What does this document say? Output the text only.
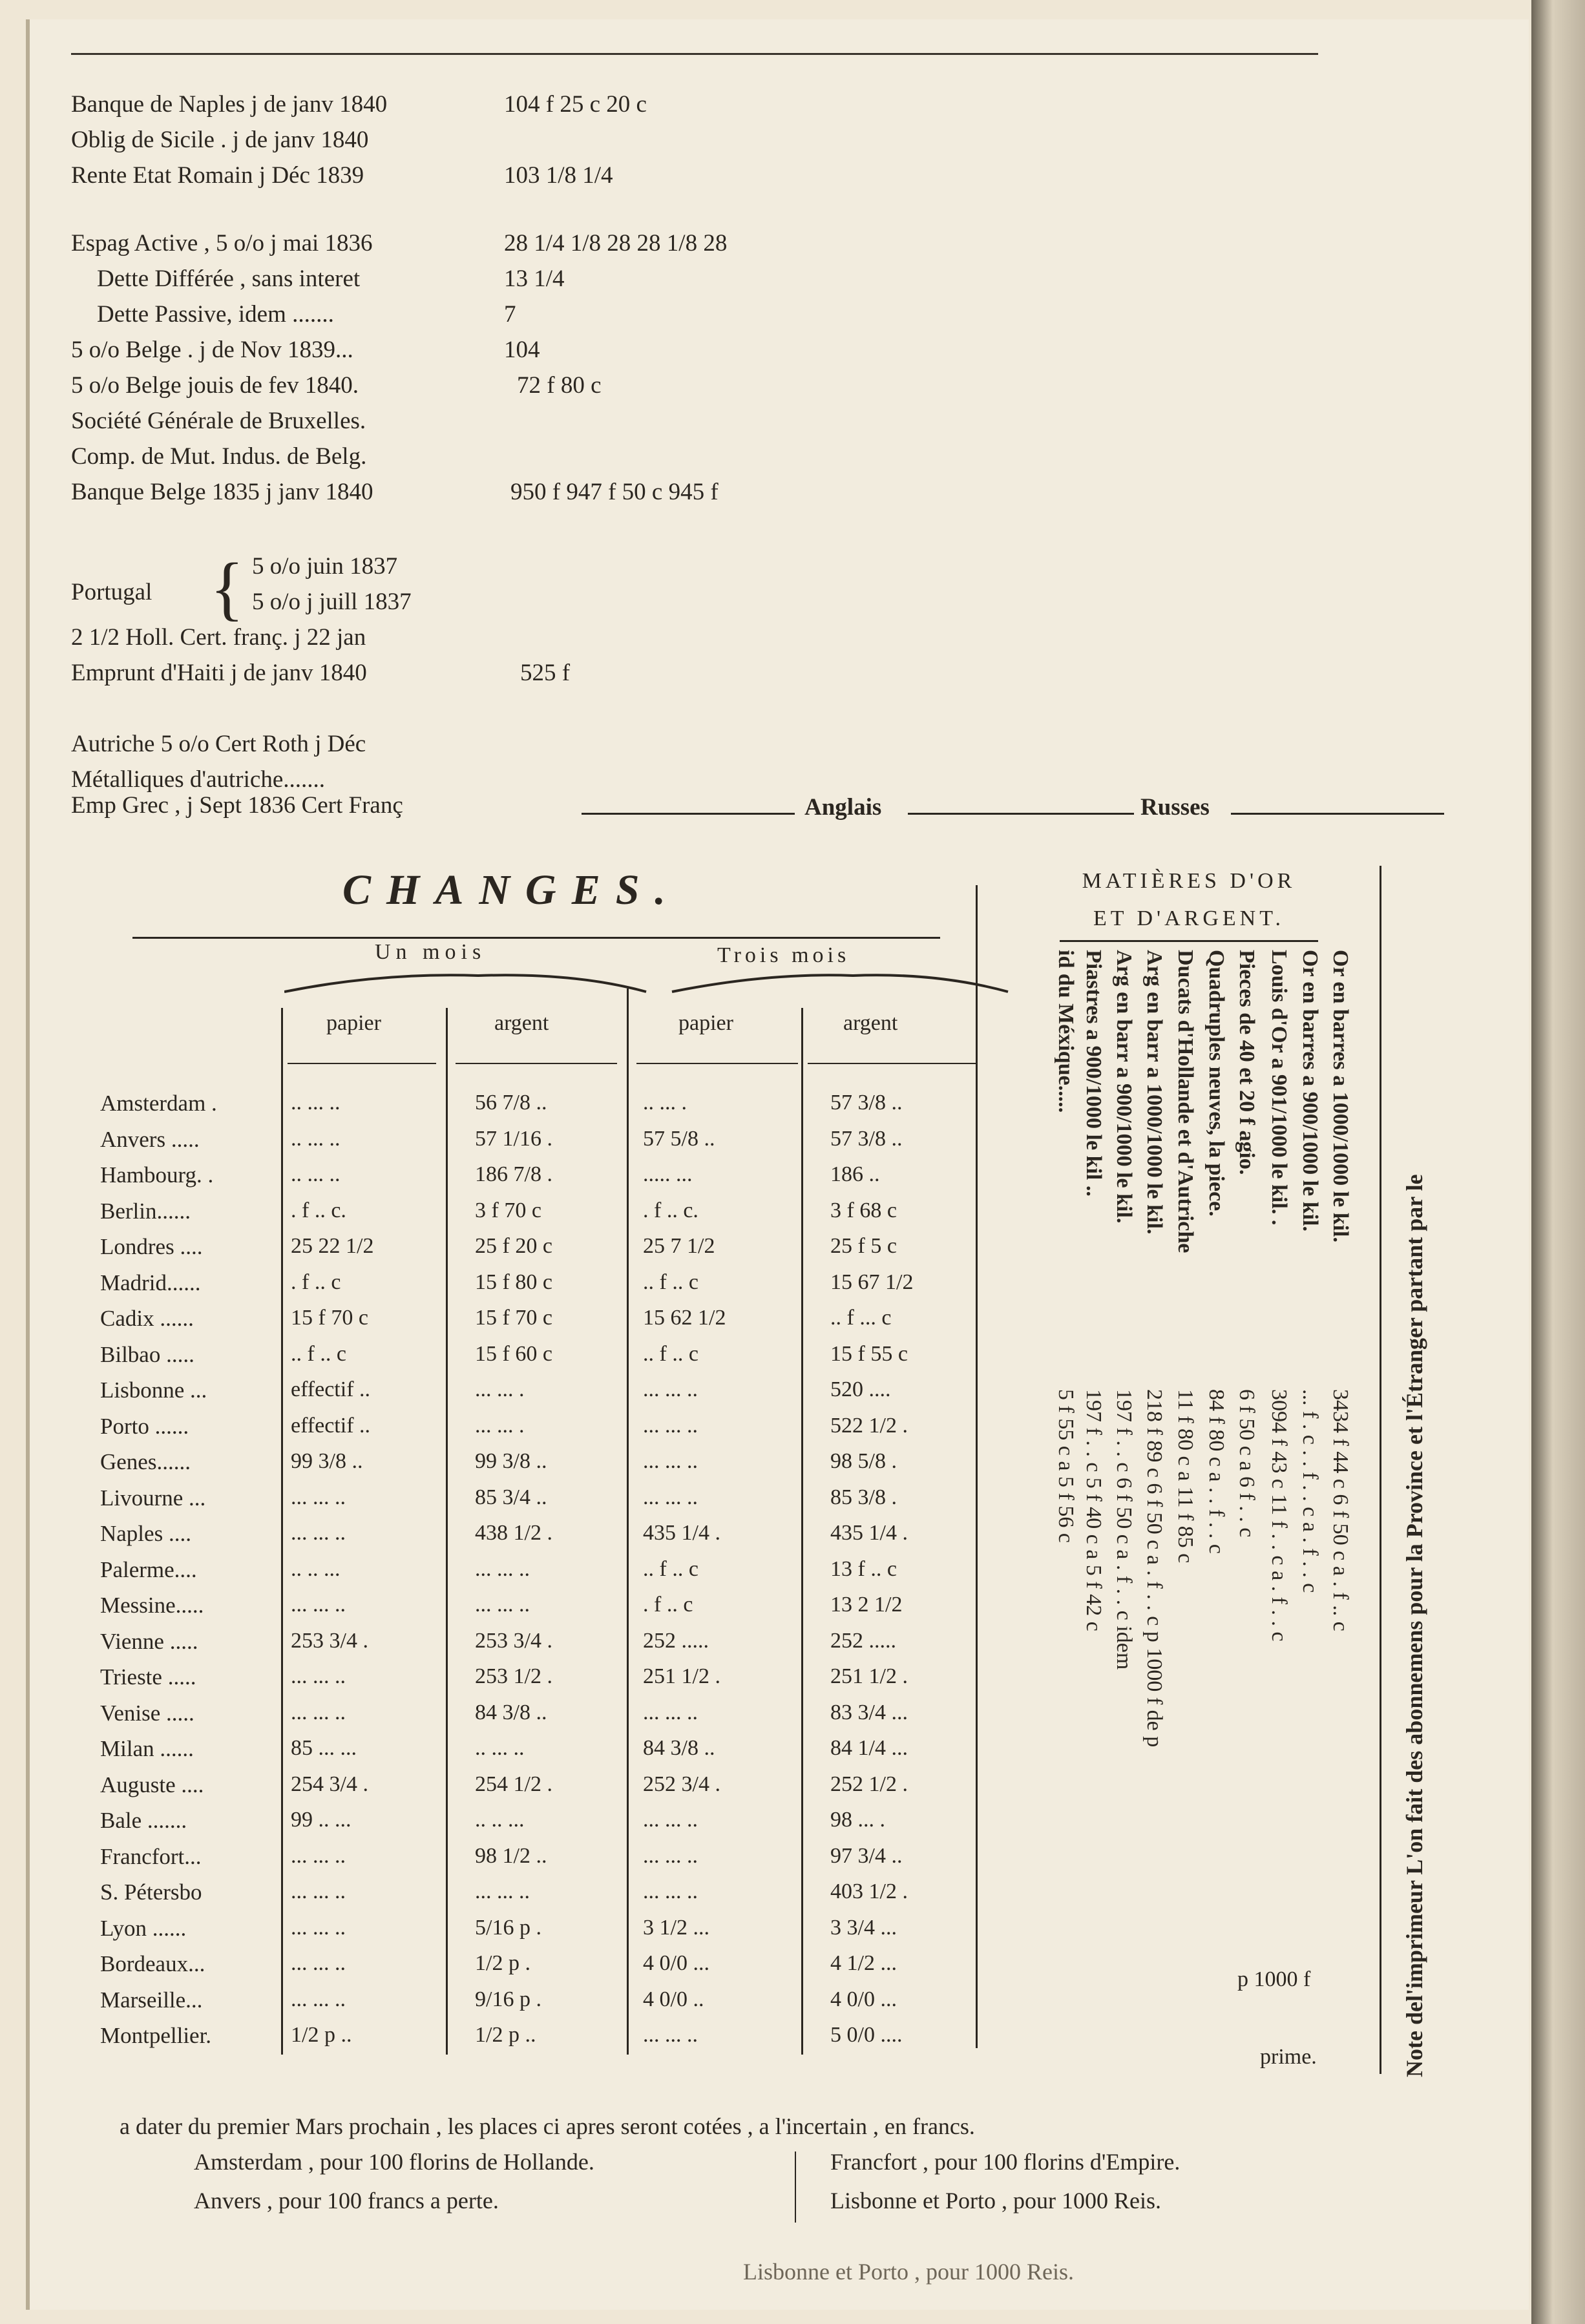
Banque de Naples j de janv 1840	104 f 25 c 20 c
Oblig de Sicile . j de janv 1840
Rente Etat Romain j Déc 1839	103 1/8 1/4
Espag Active , 5 o/o j mai 1836	28 1/4 1/8 28 28 1/8 28
Dette Différée , sans interet	13 1/4
Dette Passive, idem .......	7
5 o/o Belge . j de Nov 1839...	104
5 o/o Belge jouis de fev 1840.	72 f 80 c
Société Générale de Bruxelles.
Comp. de Mut. Indus. de Belg.
Banque Belge 1835 j janv 1840	950 f 947 f 50 c 945 f
5 o/o juin 1837
Portugal	5 o/o j juill 1837
2 1/2 Holl. Cert. franç. j 22 jan
Emprunt d'Haiti j de janv 1840	525 f
Autriche 5 o/o Cert Roth j Déc
Métalliques d'autriche.......
{
Emp Grec , j Sept 1836 Cert Franç	Anglais	Russes
CHANGES.
Un mois	Trois mois
papier	argent	papier	argent
Amsterdam .	.. ... ..	56 7/8 ..	.. ... .	57 3/8 ..
Anvers .....	.. ... ..	57 1/16 .	57 5/8 ..	57 3/8 ..
Hambourg. .	.. ... ..	186 7/8 .	..... ...	186 ..
Berlin......	. f .. c.	3 f 70 c	. f .. c.	3 f 68 c
Londres ....	25 22 1/2	25 f 20 c	25 7 1/2	25 f 5 c
Madrid......	. f .. c	15 f 80 c	.. f .. c	15 67 1/2
Cadix ......	15 f 70 c	15 f 70 c	15 62 1/2	.. f ... c
Bilbao .....	.. f .. c	15 f 60 c	.. f .. c	15 f 55 c
Lisbonne ...	effectif ..	... ... .	... ... ..	520 ....
Porto ......	effectif ..	... ... .	... ... ..	522 1/2 .
Genes......	99 3/8 ..	99 3/8 ..	... ... ..	98 5/8 .
Livourne ...	... ... ..	85 3/4 ..	... ... ..	85 3/8 .
Naples ....	... ... ..	438 1/2 .	435 1/4 .	435 1/4 .
Palerme....	.. .. ...	... ... ..	.. f .. c	13 f .. c
Messine.....	... ... ..	... ... ..	. f .. c	13 2 1/2
Vienne .....	253 3/4 .	253 3/4 .	252 .....	252 .....
Trieste .....	... ... ..	253 1/2 .	251 1/2 .	251 1/2 .
Venise .....	... ... ..	84 3/8 ..	... ... ..	83 3/4 ...
Milan ......	85 ... ...	.. ... ..	84 3/8 ..	84 1/4 ...
Auguste ....	254 3/4 .	254 1/2 .	252 3/4 .	252 1/2 .
Bale .......	99 .. ...	.. .. ...	... ... ..	98 ... .
Francfort...	... ... ..	98 1/2 ..	... ... ..	97 3/4 ..
S. Pétersbo	... ... ..	... ... ..	... ... ..	403 1/2 .
Lyon ......	... ... ..	5/16 p .	3 1/2 ...	3 3/4 ...
Bordeaux...	... ... ..	1/2 p .	4 0/0 ...	4 1/2 ...
Marseille...	... ... ..	9/16 p .	4 0/0 ..	4 0/0 ...
Montpellier.	1/2 p ..	1/2 p ..	... ... ..	5 0/0 ....
MATIÈRES D'OR
ET D'ARGENT.
Or en barres a 1000/1000 le kil.
3434 f 44 c 6 f 50 c a . f .. c
Or en barres a 900/1000 le kil.
... f . c . . f . . c a . f . . c
Louis d'Or a 901/1000 le kil. .
3094 f 43 c 11 f . . c a . f . . c
Pieces de 40 et 20 f agio.
6 f 50 c a 6 f . . c
Quadruples neuves, la piece.
84 f 80 c a . . f . . c
Ducats d'Hollande et d'Autriche
11 f 80 c a 11 f 85 c
Arg en barr a 1000/1000 le kil.
218 f 89 c 6 f 50 c a . f . . c p 1000 f de p
Arg en barr a 900/1000 le kil.
197 f . . c 6 f 50 c a . f . . c idem
Piastres a 900/1000 le kil ..
197 f . . c 5 f 40 c a 5 f 42 c
id du Méxique.....
5 f 55 c a 5 f 56 c
p 1000 f
prime.	Note del'imprimeur L'on fait des abonnemens pour la Province et l'Étranger partant par le
a dater du premier Mars prochain , les places ci apres seront cotées , a l'incertain , en francs.
Amsterdam , pour 100 florins de Hollande.
Anvers , pour 100 francs a perte.
Francfort , pour 100 florins d'Empire.
Lisbonne et Porto , pour 1000 Reis.
Lisbonne et Porto , pour 1000 Reis.
